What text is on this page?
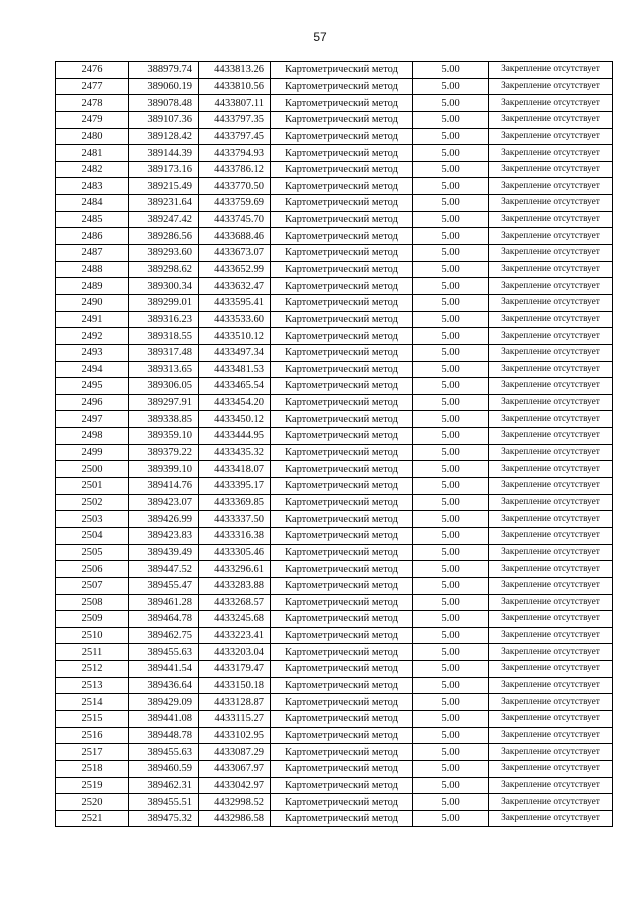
57
2476	388979.74	4433813.26	Картометрический метод	5.00	Закрепление отсутствует
2477	389060.19	4433810.56	Картометрический метод	5.00	Закрепление отсутствует
2478	389078.48	4433807.11	Картометрический метод	5.00	Закрепление отсутствует
2479	389107.36	4433797.35	Картометрический метод	5.00	Закрепление отсутствует
2480	389128.42	4433797.45	Картометрический метод	5.00	Закрепление отсутствует
2481	389144.39	4433794.93	Картометрический метод	5.00	Закрепление отсутствует
2482	389173.16	4433786.12	Картометрический метод	5.00	Закрепление отсутствует
2483	389215.49	4433770.50	Картометрический метод	5.00	Закрепление отсутствует
2484	389231.64	4433759.69	Картометрический метод	5.00	Закрепление отсутствует
2485	389247.42	4433745.70	Картометрический метод	5.00	Закрепление отсутствует
2486	389286.56	4433688.46	Картометрический метод	5.00	Закрепление отсутствует
2487	389293.60	4433673.07	Картометрический метод	5.00	Закрепление отсутствует
2488	389298.62	4433652.99	Картометрический метод	5.00	Закрепление отсутствует
2489	389300.34	4433632.47	Картометрический метод	5.00	Закрепление отсутствует
2490	389299.01	4433595.41	Картометрический метод	5.00	Закрепление отсутствует
2491	389316.23	4433533.60	Картометрический метод	5.00	Закрепление отсутствует
2492	389318.55	4433510.12	Картометрический метод	5.00	Закрепление отсутствует
2493	389317.48	4433497.34	Картометрический метод	5.00	Закрепление отсутствует
2494	389313.65	4433481.53	Картометрический метод	5.00	Закрепление отсутствует
2495	389306.05	4433465.54	Картометрический метод	5.00	Закрепление отсутствует
2496	389297.91	4433454.20	Картометрический метод	5.00	Закрепление отсутствует
2497	389338.85	4433450.12	Картометрический метод	5.00	Закрепление отсутствует
2498	389359.10	4433444.95	Картометрический метод	5.00	Закрепление отсутствует
2499	389379.22	4433435.32	Картометрический метод	5.00	Закрепление отсутствует
2500	389399.10	4433418.07	Картометрический метод	5.00	Закрепление отсутствует
2501	389414.76	4433395.17	Картометрический метод	5.00	Закрепление отсутствует
2502	389423.07	4433369.85	Картометрический метод	5.00	Закрепление отсутствует
2503	389426.99	4433337.50	Картометрический метод	5.00	Закрепление отсутствует
2504	389423.83	4433316.38	Картометрический метод	5.00	Закрепление отсутствует
2505	389439.49	4433305.46	Картометрический метод	5.00	Закрепление отсутствует
2506	389447.52	4433296.61	Картометрический метод	5.00	Закрепление отсутствует
2507	389455.47	4433283.88	Картометрический метод	5.00	Закрепление отсутствует
2508	389461.28	4433268.57	Картометрический метод	5.00	Закрепление отсутствует
2509	389464.78	4433245.68	Картометрический метод	5.00	Закрепление отсутствует
2510	389462.75	4433223.41	Картометрический метод	5.00	Закрепление отсутствует
2511	389455.63	4433203.04	Картометрический метод	5.00	Закрепление отсутствует
2512	389441.54	4433179.47	Картометрический метод	5.00	Закрепление отсутствует
2513	389436.64	4433150.18	Картометрический метод	5.00	Закрепление отсутствует
2514	389429.09	4433128.87	Картометрический метод	5.00	Закрепление отсутствует
2515	389441.08	4433115.27	Картометрический метод	5.00	Закрепление отсутствует
2516	389448.78	4433102.95	Картометрический метод	5.00	Закрепление отсутствует
2517	389455.63	4433087.29	Картометрический метод	5.00	Закрепление отсутствует
2518	389460.59	4433067.97	Картометрический метод	5.00	Закрепление отсутствует
2519	389462.31	4433042.97	Картометрический метод	5.00	Закрепление отсутствует
2520	389455.51	4432998.52	Картометрический метод	5.00	Закрепление отсутствует
2521	389475.32	4432986.58	Картометрический метод	5.00	Закрепление отсутствует
